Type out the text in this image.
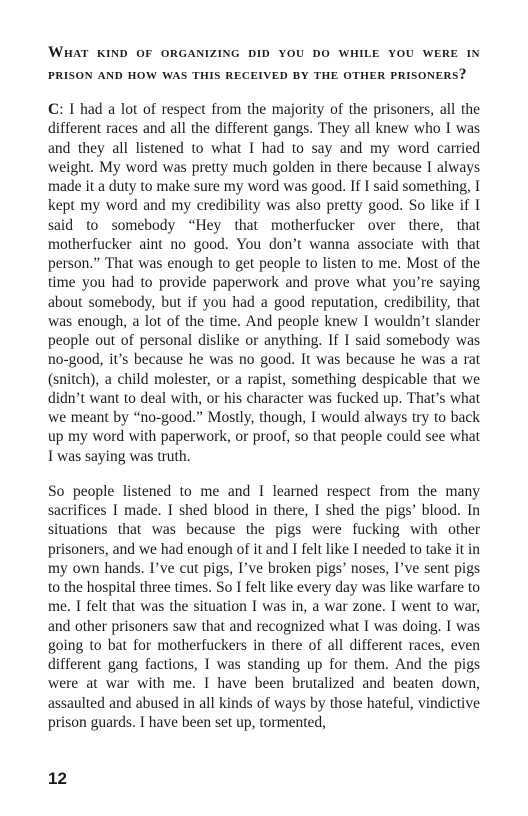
What kind of organizing did you do while you were in prison and how was this received by the other prisoners?

C: I had a lot of respect from the majority of the prisoners, all the different races and all the different gangs. They all knew who I was and they all listened to what I had to say and my word carried weight. My word was pretty much golden in there because I always made it a duty to make sure my word was good. If I said something, I kept my word and my credibility was also pretty good. So like if I said to somebody “Hey that motherfucker over there, that motherfucker aint no good. You don’t wanna associate with that person.” That was enough to get people to listen to me. Most of the time you had to provide paperwork and prove what you’re saying about somebody, but if you had a good reputation, credibility, that was enough, a lot of the time. And people knew I wouldn’t slander people out of personal dislike or anything. If I said somebody was no-good, it’s because he was no good. It was because he was a rat (snitch), a child molester, or a rapist, something despicable that we didn’t want to deal with, or his character was fucked up. That’s what we meant by “no-good.” Mostly, though, I would always try to back up my word with paperwork, or proof, so that people could see what I was saying was truth.

So people listened to me and I learned respect from the many sacrifices I made. I shed blood in there, I shed the pigs’ blood. In situations that was because the pigs were fucking with other prisoners, and we had enough of it and I felt like I needed to take it in my own hands. I’ve cut pigs, I’ve broken pigs’ noses, I’ve sent pigs to the hospital three times. So I felt like every day was like warfare to me. I felt that was the situation I was in, a war zone. I went to war, and other prisoners saw that and recognized what I was doing. I was going to bat for motherfuckers in there of all different races, even different gang factions, I was standing up for them. And the pigs were at war with me. I have been brutalized and beaten down, assaulted and abused in all kinds of ways by those hateful, vindictive prison guards. I have been set up, tormented,

12
